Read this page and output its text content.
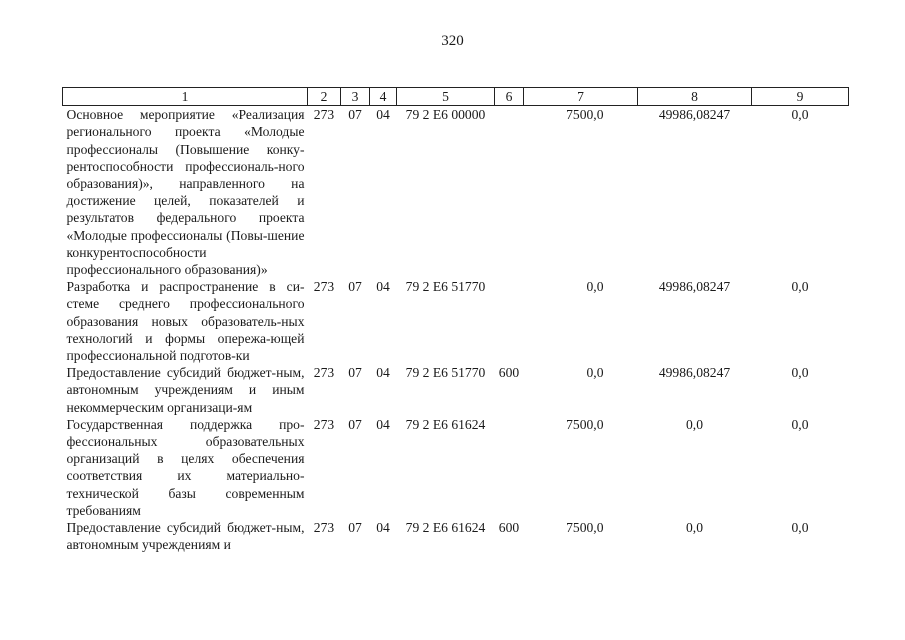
320
1	2	3	4	5	6	7	8	9
Основное мероприятие «Реализация регионального проекта «Молодые профессионалы (Повышение конку-рентоспособности профессиональ-ного образования)», направленного на достижение целей, показателей и результатов федерального проекта «Молодые профессионалы (Повы-шение конкурентоспособности профессионального образования)»	273	07	04	79 2 E6 00000		7500,0	49986,08247	0,0
Разработка и распространение в си-стеме среднего профессионального образования новых образователь-ных технологий и формы опережа-ющей профессиональной подготов-ки	273	07	04	79 2 E6 51770		0,0	49986,08247	0,0
Предоставление субсидий бюджет-ным, автономным учреждениям и иным некоммерческим организаци-ям	273	07	04	79 2 E6 51770	600	0,0	49986,08247	0,0
Государственная поддержка про-фессиональных образовательных организаций в целях обеспечения соответствия их материально-технической базы современным требованиям	273	07	04	79 2 E6 61624		7500,0	0,0	0,0
Предоставление субсидий бюджет-ным, автономным учреждениям и	273	07	04	79 2 E6 61624	600	7500,0	0,0	0,0
